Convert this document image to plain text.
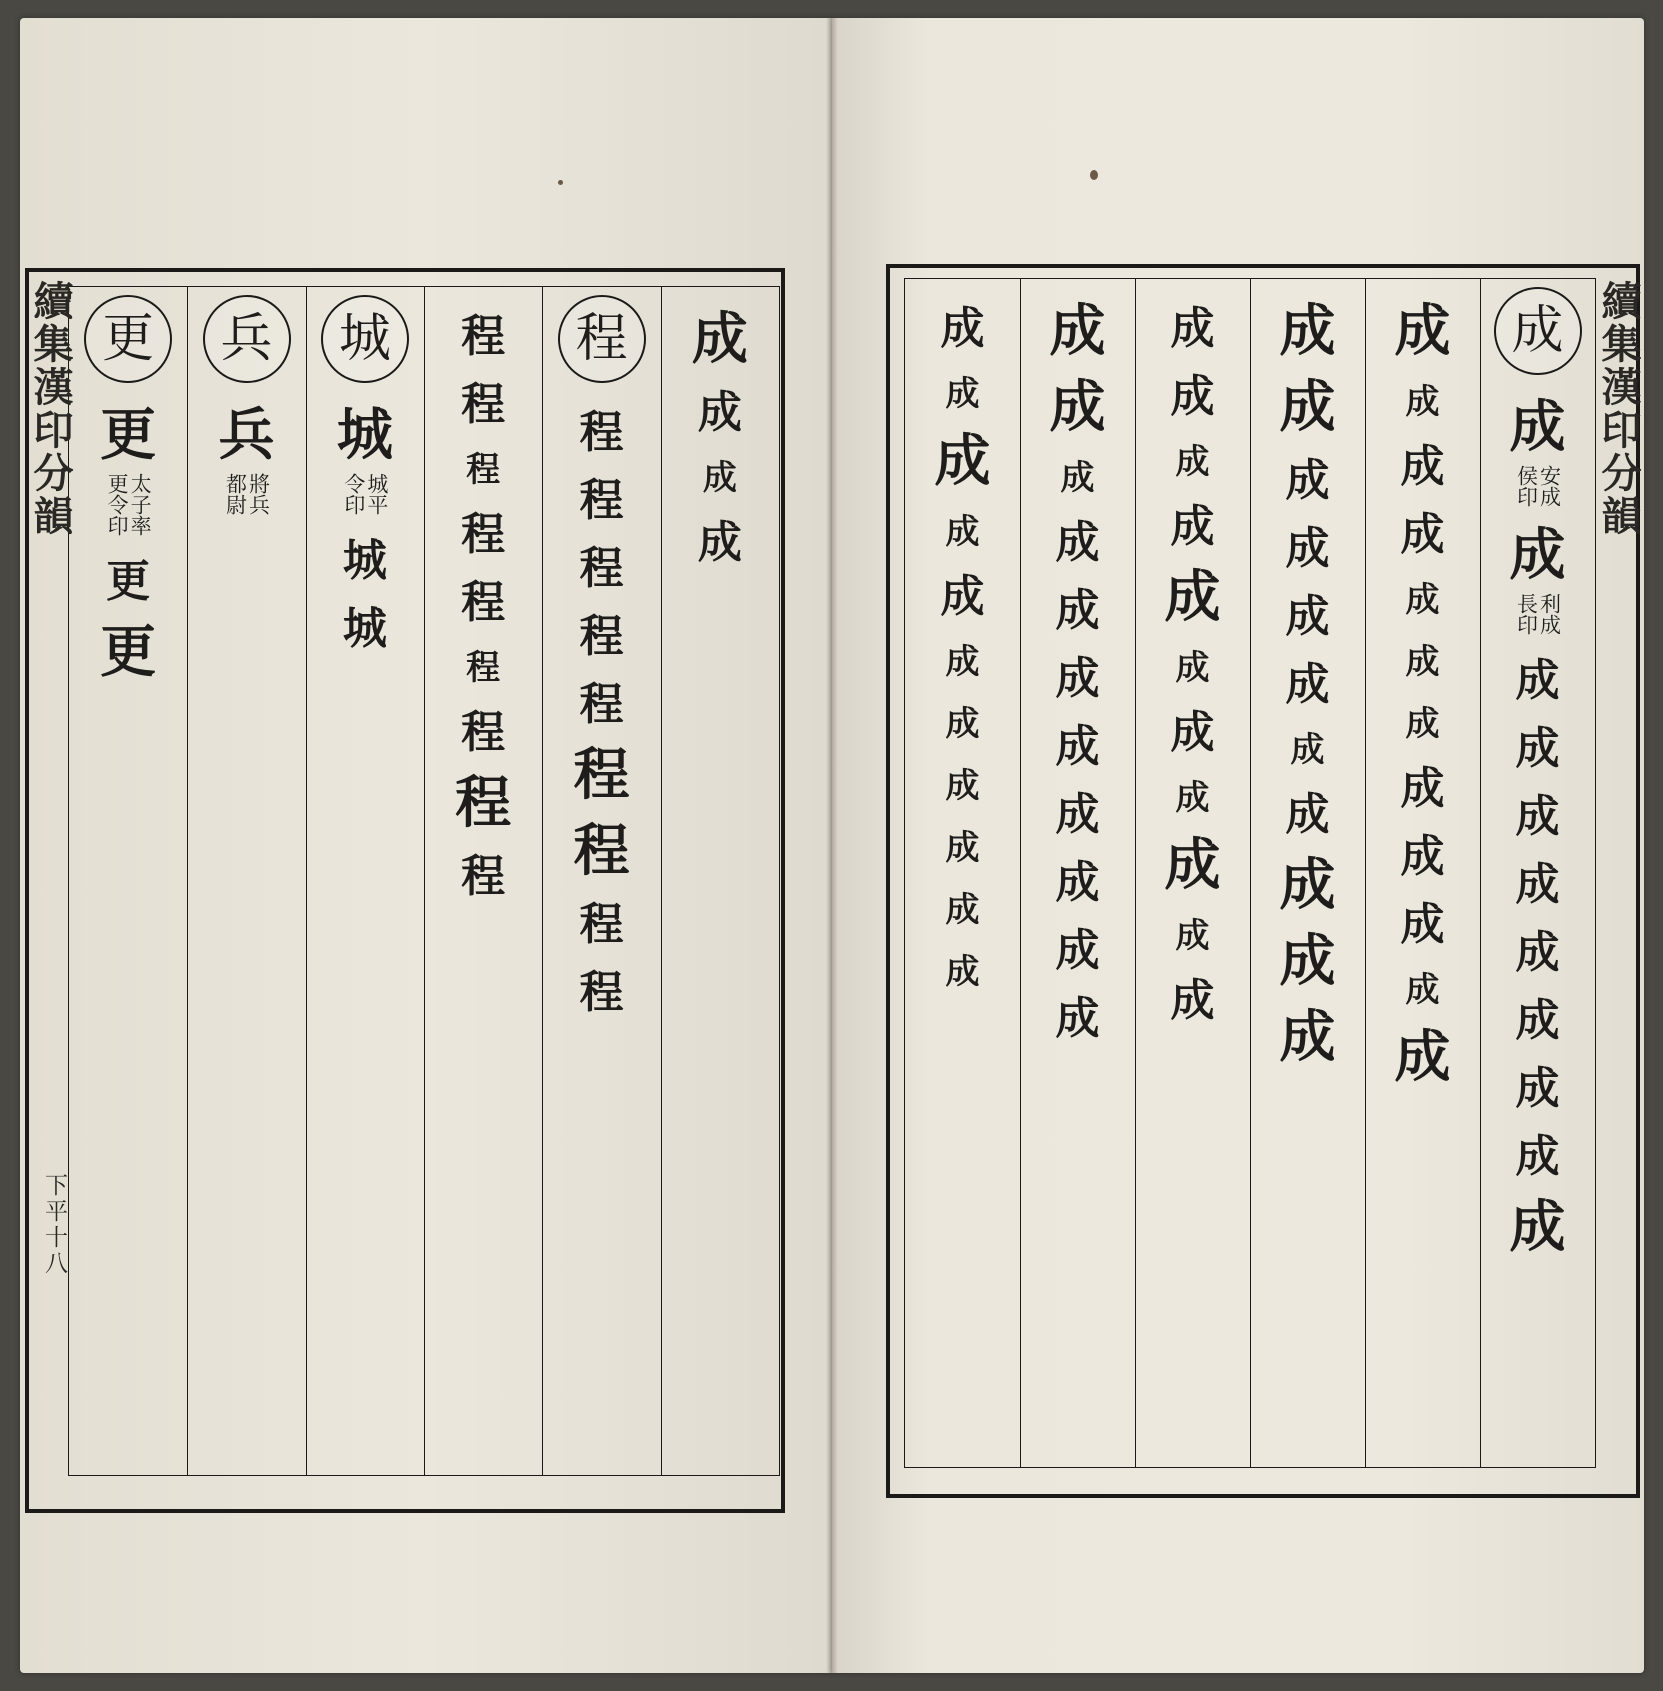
成
成
成
成
程
程
程
程
程
程
程
程
程
程
程
程
程
程
程
程
程
程
程
城
城
城平
令印
城
城
兵
兵
將兵
都尉
更
更
太子率
更令印
更
更
續集漢印分韻
下平十八
成
成
安成
侯印
成
利成
長印
成
成
成
成
成
成
成
成
成
成
成
成
成
成
成
成
成
成
成
成
成
成
成
成
成
成
成
成
成
成
成
成
成
成
成
成
成
成
成
成
成
成
成
成
成
成
成
成
成
成
成
成
成
成
成
成
成
成
成
成
成
成
成
成
成
續集漢印分韻
